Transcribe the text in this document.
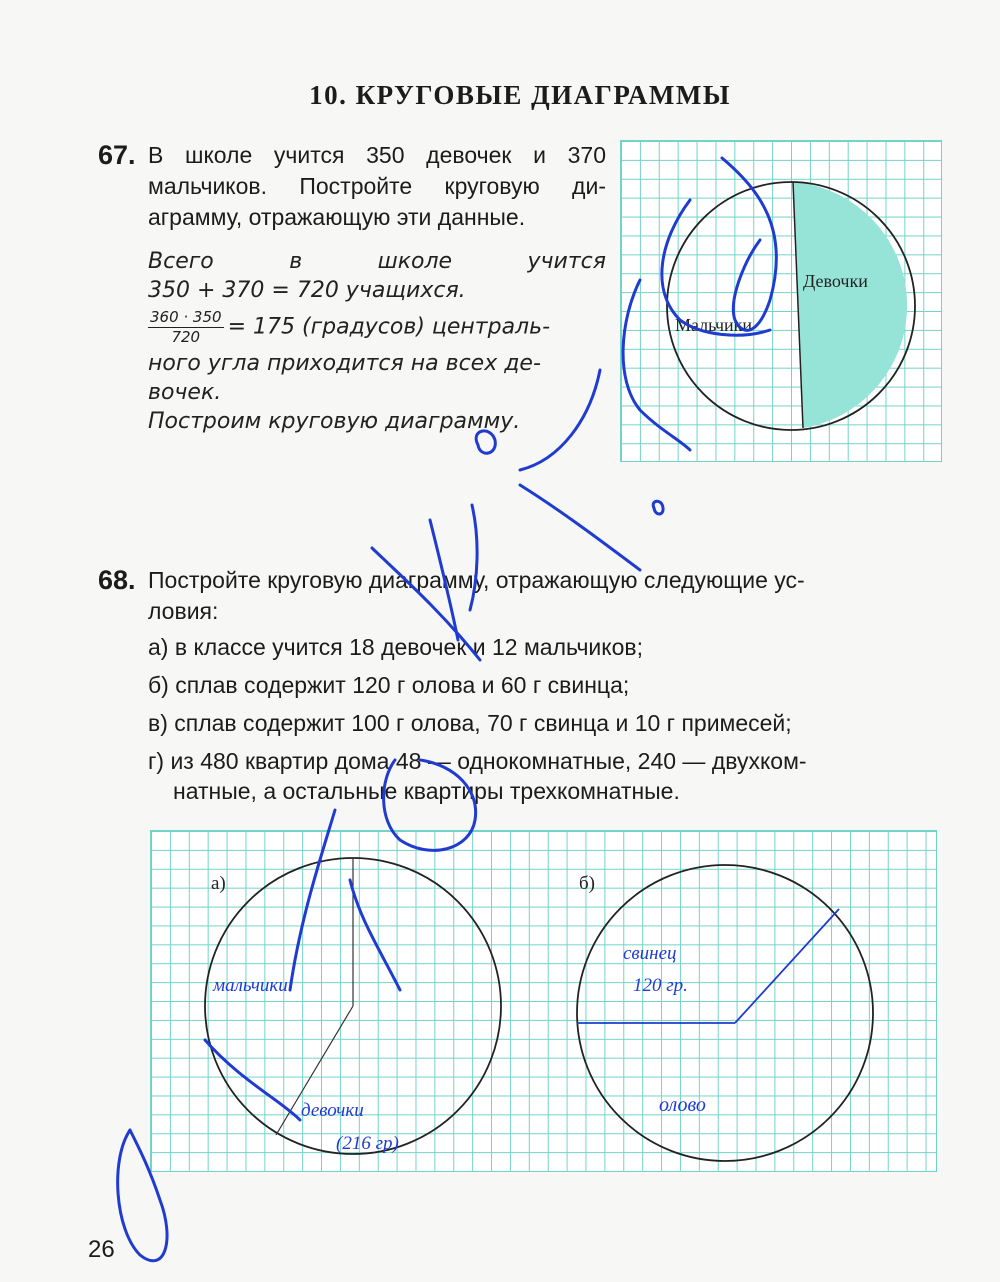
10. КРУГОВЫЕ ДИАГРАММЫ
67. В школе учится 350 девочек и 370
мальчиков. Постройте круговую ди-
аграмму, отражающую эти данные.
Всего в школе учится
350 + 370 = 720 учащихся.
$\frac{360 \cdot 350}{720} = 175$ (градусов) централь-
ного угла приходится на всех де-
вочек.
Построим круговую диаграмму.
Девочки
Мальчики
68. Постройте круговую диаграмму, отражающую следующие ус-
ловия:
а) в классе учится 18 девочек и 12 мальчиков;
б) сплав содержит 120 г олова и 60 г свинца;
в) сплав содержит 100 г олова, 70 г свинца и 10 г примесей;
г) из 480 квартир дома 48 — однокомнатные, 240 — двухком-
натные, а остальные квартиры трехкомнатные.
а)
мальчики
девочки
(216 гр)
б)
свинец
120 гр.
олово
26
